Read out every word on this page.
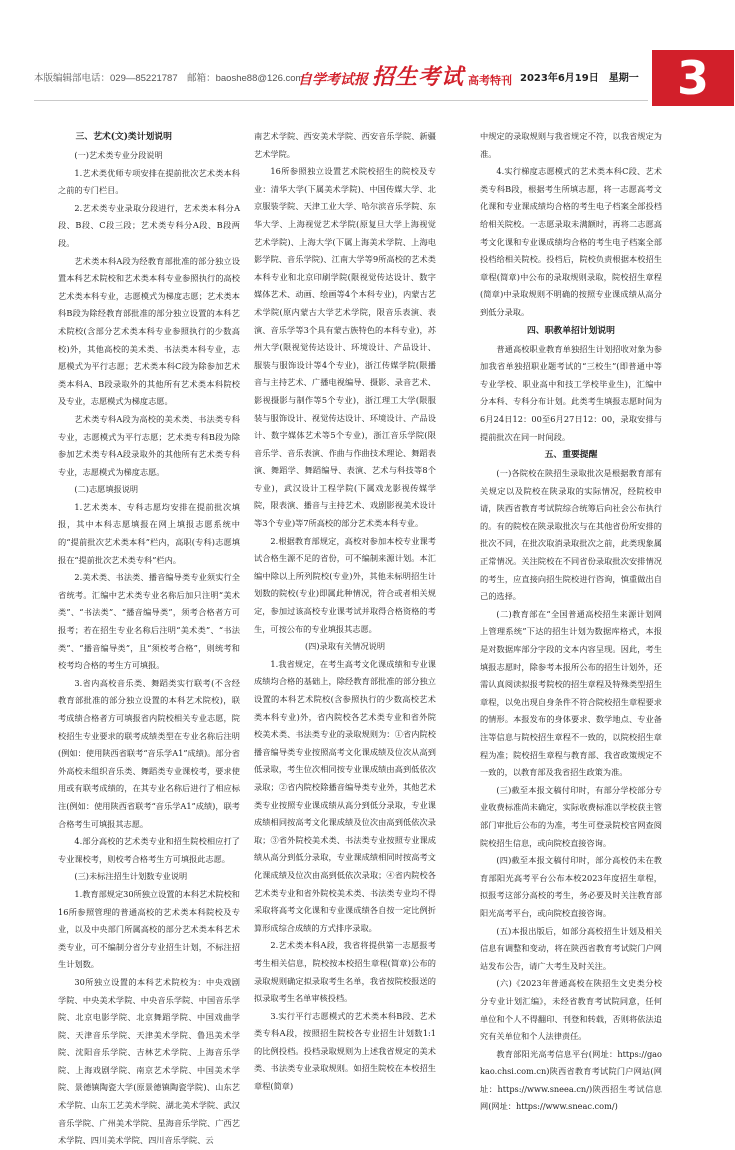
本版编辑部电话：029—85221787　邮箱：baoshe88@126.com
自学考试报 招生考试 高考特刊 2023年6月19日　星期一 3
三、艺术(文)类计划说明
(一)艺术类专业分段说明

1.艺术类优师专项安排在提前批次艺术类本科之前的专门栏目。

2.艺术类专业录取分段进行，艺术类本科分A段、B段、C段三段；艺术类专科分A段、B段两段。

艺术类本科A段为经教育部批准的部分独立设置本科艺术院校和艺术类本科专业参照执行的高校艺术类本科专业，志愿模式为梯度志愿；艺术类本科B段为除经教育部批准的部分独立设置的本科艺术院校(含部分艺术类本科专业参照执行的少数高校)外，其他高校的美术类、书法类本科专业，志愿模式为平行志愿；艺术类本科C段为除参加艺术类本科A、B段录取外的其他所有艺术类本科院校及专业，志愿模式为梯度志愿。

艺术类专科A段为高校的美术类、书法类专科专业，志愿模式为平行志愿；艺术类专科B段为除参加艺术类专科A段录取外的其他所有艺术类专科专业，志愿模式为梯度志愿。

(二)志愿填报说明

1.艺术类本、专科志愿均安排在提前批次填报，其中本科志愿填报在网上填报志愿系统中的“提前批次艺术类本科”栏内，高职(专科)志愿填报在“提前批次艺术类专科”栏内。

2.美术类、书法类、播音编导类专业须实行全省统考。汇编中艺术类专业名称后加只注明“美术类”、“书法类”、“播音编导类”，须考合格者方可报考；若在招生专业名称后注明“美术类”、“书法类”、“播音编导类”，且“须校考合格”，则统考和校考均合格的考生方可填报。

3.省内高校音乐类、舞蹈类实行联考(不含经教育部批准的部分独立设置的本科艺术院校)，联考成绩合格者方可填报省内院校相关专业志愿，院校招生专业要求的联考成绩类型在专业名称后注明(例如：使用陕西省联考“音乐学A1”成绩)。部分省外高校未组织音乐类、舞蹈类专业课校考，要求使用或有联考成绩的，在其专业名称后进行了相应标注(例如：使用陕西省联考“音乐学A1”成绩)，联考合格考生可填报其志愿。

4.部分高校的艺术类专业和招生院校相应打了专业课校考，则校考合格考生方可填报此志愿。

(三)未标注招生计划数专业说明

1.教育部规定30所独立设置的本科艺术院校和16所参照管理的普通高校的艺术类本科院校及专业，以及中央部门所属高校的部分艺术类本科艺术类专业，可不编制分省分专业招生计划，不标注招生计划数。

30所独立设置的本科艺术院校为：中央戏剧学院、中央美术学院、中央音乐学院、中国音乐学院、北京电影学院、北京舞蹈学院、中国戏曲学院、天津音乐学院、天津美术学院、鲁迅美术学院、沈阳音乐学院、吉林艺术学院、上海音乐学院、上海戏剧学院、南京艺术学院、中国美术学院、景德镇陶瓷大学(原景德镇陶瓷学院)、山东艺术学院、山东工艺美术学院、湖北美术学院、武汉音乐学院、广州美术学院、星海音乐学院、广西艺术学院、四川美术学院、四川音乐学院、云

南艺术学院、西安美术学院、西安音乐学院、新疆艺术学院。

16所参照独立设置艺术院校招生的院校及专业：清华大学(下属美术学院)、中国传媒大学、北京服装学院、天津工业大学、哈尔滨音乐学院、东华大学、上海视觉艺术学院(原复旦大学上海视觉艺术学院)、上海大学(下属上海美术学院、上海电影学院、音乐学院)、江南大学等9所高校的艺术类本科专业和北京印刷学院(限视觉传达设计、数字媒体艺术、动画、绘画等4个本科专业)，内蒙古艺术学院(原内蒙古大学艺术学院，限音乐表演、表演、音乐学等3个具有蒙古族特色的本科专业)，苏州大学(限视觉传达设计、环境设计、产品设计、服装与服饰设计等4个专业)，浙江传媒学院(限播音与主持艺术、广播电视编导、摄影、录音艺术、影视摄影与制作等5个专业)，浙江理工大学(限服装与服饰设计、视觉传达设计、环境设计、产品设计、数字媒体艺术等5个专业)，浙江音乐学院(限音乐学、音乐表演、作曲与作曲技术理论、舞蹈表演、舞蹈学、舞蹈编导、表演、艺术与科技等8个专业)，武汉设计工程学院(下属戏龙影视传媒学院，限表演、播音与主持艺术、戏剧影视美术设计等3个专业)等7所高校的部分艺术类本科专业。

2.根据教育部规定，高校对参加本校专业课考试合格生源不足的省份，可不编制来源计划。本汇编中除以上所列院校(专业)外，其他未标明招生计划数的院校(专业)即属此种情况，符合或者相关规定，参加过该高校专业课考试并取得合格资格的考生，可按公布的专业填报其志愿。

(四)录取有关情况说明

1.我省规定，在考生高考文化课成绩和专业课成绩均合格的基础上，除经教育部批准的部分独立设置的本科艺术院校(含参照执行的少数高校艺术类本科专业)外，省内院校各艺术类专业和省外院校美术类、书法类专业的录取规则为：①省内院校播音编导类专业按照高考文化课成绩及位次从高到低录取，考生位次相同按专业课成绩由高到低依次录取；②省内院校除播音编导类专业外，其他艺术类专业按照专业课成绩从高分到低分录取，专业课成绩相同按高考文化课成绩及位次由高到低依次录取；③省外院校美术类、书法类专业按照专业课成绩从高分到低分录取，专业课成绩相同时按高考文化课成绩及位次由高到低依次录取；④省内院校各艺术类专业和省外院校美术类、书法类专业均不得采取将高考文化课和专业课成绩各自按一定比例折算形成综合成绩的方式排序录取。

2.艺术类本科A段，我省将提供第一志愿报考考生相关信息，院校按本校招生章程(简章)公布的录取规则确定拟录取考生名单，我省按院校报送的拟录取考生名单审核投档。

3.实行平行志愿模式的艺术类本科B段、艺术类专科A段，按照招生院校各专业招生计划数1:1的比例投档。投档录取规则为上述我省规定的美术类、书法类专业录取规则。如招生院校在本校招生章程(简章)

中规定的录取规则与我省规定不符，以我省规定为准。

4.实行梯度志愿模式的艺术类本科C段、艺术类专科B段，根据考生所填志愿，将一志愿高考文化课和专业课成绩均合格的考生电子档案全部投档给相关院校。一志愿录取未满额时，再将二志愿高考文化课和专业课成绩均合格的考生电子档案全部投档给相关院校。投档后，院校负责根据本校招生章程(简章)中公布的录取规则录取，院校招生章程(简章)中录取规则不明确的按照专业课成绩从高分到低分录取。

四、职教单招计划说明

普通高校职业教育单独招生计划招收对象为参加我省单独招职业题考试的“三校生”(即普通中等专业学校、职业高中和技工学校毕业生)，汇编中分本科、专科分布计划。此类考生填报志愿时间为6月24日12：00至6月27日12：00，录取安排与提前批次在同一时间段。

五、重要提醒

(一)各院校在陕招生录取批次是根据教育部有关规定以及院校在陕录取的实际情况，经院校申请，陕西省教育考试院综合统筹后向社会公布执行的。有的院校在陕录取批次与在其他省份所安排的批次不同，在批次取消录取批次之前，此类现象属正常情况。关注院校在不同省份录取批次安排情况的考生，应直接向招生院校进行咨询，慎重做出自己的选择。

(二)教育部在“全国普通高校招生来源计划网上管理系统”下达的招生计划为数据库格式，本报是对数据库部分字段的文本内容呈现。因此，考生填报志愿时，除参考本报所公布的招生计划外，还需认真阅读拟报考院校的招生章程及特殊类型招生章程，以免出现自身条件不符合院校招生章程要求的情形。本报发布的身体要求、数学地点、专业备注等信息与院校招生章程不一致的，以院校招生章程为准；院校招生章程与教育部、我省政策规定不一致的，以教育部及我省招生政策为准。

(三)截至本报文稿付印时，有部分学校部分专业收费标准尚未确定，实际收费标准以学校获主管部门审批后公布的为准，考生可登录院校官网查阅院校招生信息，或向院校直接咨询。

(四)截至本报文稿付印时，部分高校仍未在教育部阳光高考平台公布本校2023年度招生章程，拟报考这部分高校的考生，务必要及时关注教育部阳光高考平台，或向院校直接咨询。

(五)本报出版后，如部分高校招生计划及相关信息有调整和变动，将在陕西省教育考试院门户网站发布公告，请广大考生及时关注。

(六)《2023年普通高校在陕招生文史类分校分专业计划汇编》，未经省教育考试院同意，任何单位和个人不得翻印、刊登和转载，否则将依法追究有关单位和个人法律责任。

教育部阳光高考信息平台(网址：https://gaokao.chsi.com.cn)陕西省教育考试院门户网站(网址：https://www.sneea.cn/)陕西招生考试信息网(网址：https://www.sneac.com/)
